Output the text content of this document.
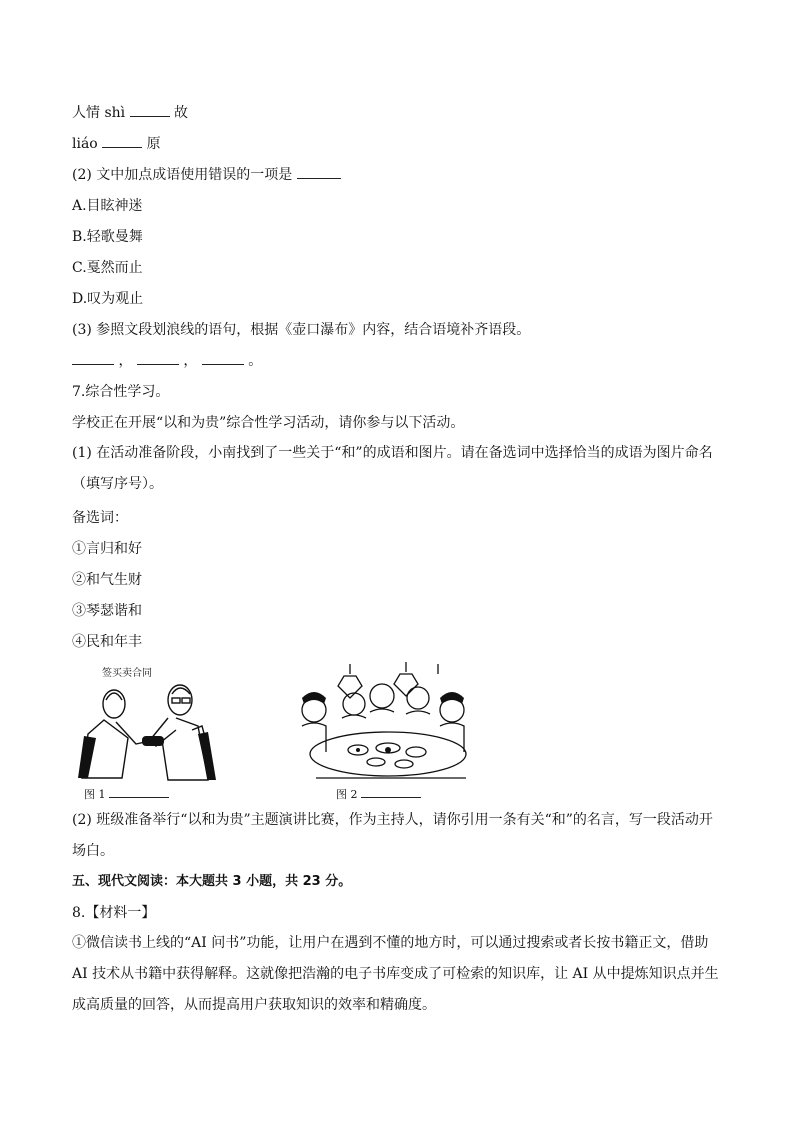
人情 shì	故

liáo	原

(2) 文中加点成语使用错误的一项是

A.目眩神迷

B.轻歌曼舞

C.戛然而止

D.叹为观止

(3) 参照文段划浪线的语句，根据《壶口瀑布》内容，结合语境补齐语段。

，	，	。

7.综合性学习。

学校正在开展“以和为贵”综合性学习活动，请你参与以下活动。

(1) 在活动准备阶段，小南找到了一些关于“和”的成语和图片。请在备选词中选择恰当的成语为图片命名（填写序号）。

备选词：

①言归和好

②和气生财

③琴瑟谐和

④民和年丰

签买卖合同
图 1	图 2

(2) 班级准备举行“以和为贵”主题演讲比赛，作为主持人，请你引用一条有关“和”的名言，写一段活动开场白。

五、现代文阅读：本大题共 3 小题，共 23 分。

8.【材料一】

①微信读书上线的“AI 问书”功能，让用户在遇到不懂的地方时，可以通过搜索或者长按书籍正文，借助 AI 技术从书籍中获得解释。这就像把浩瀚的电子书库变成了可检索的知识库，让 AI 从中提炼知识点并生成高质量的回答，从而提高用户获取知识的效率和精确度。
